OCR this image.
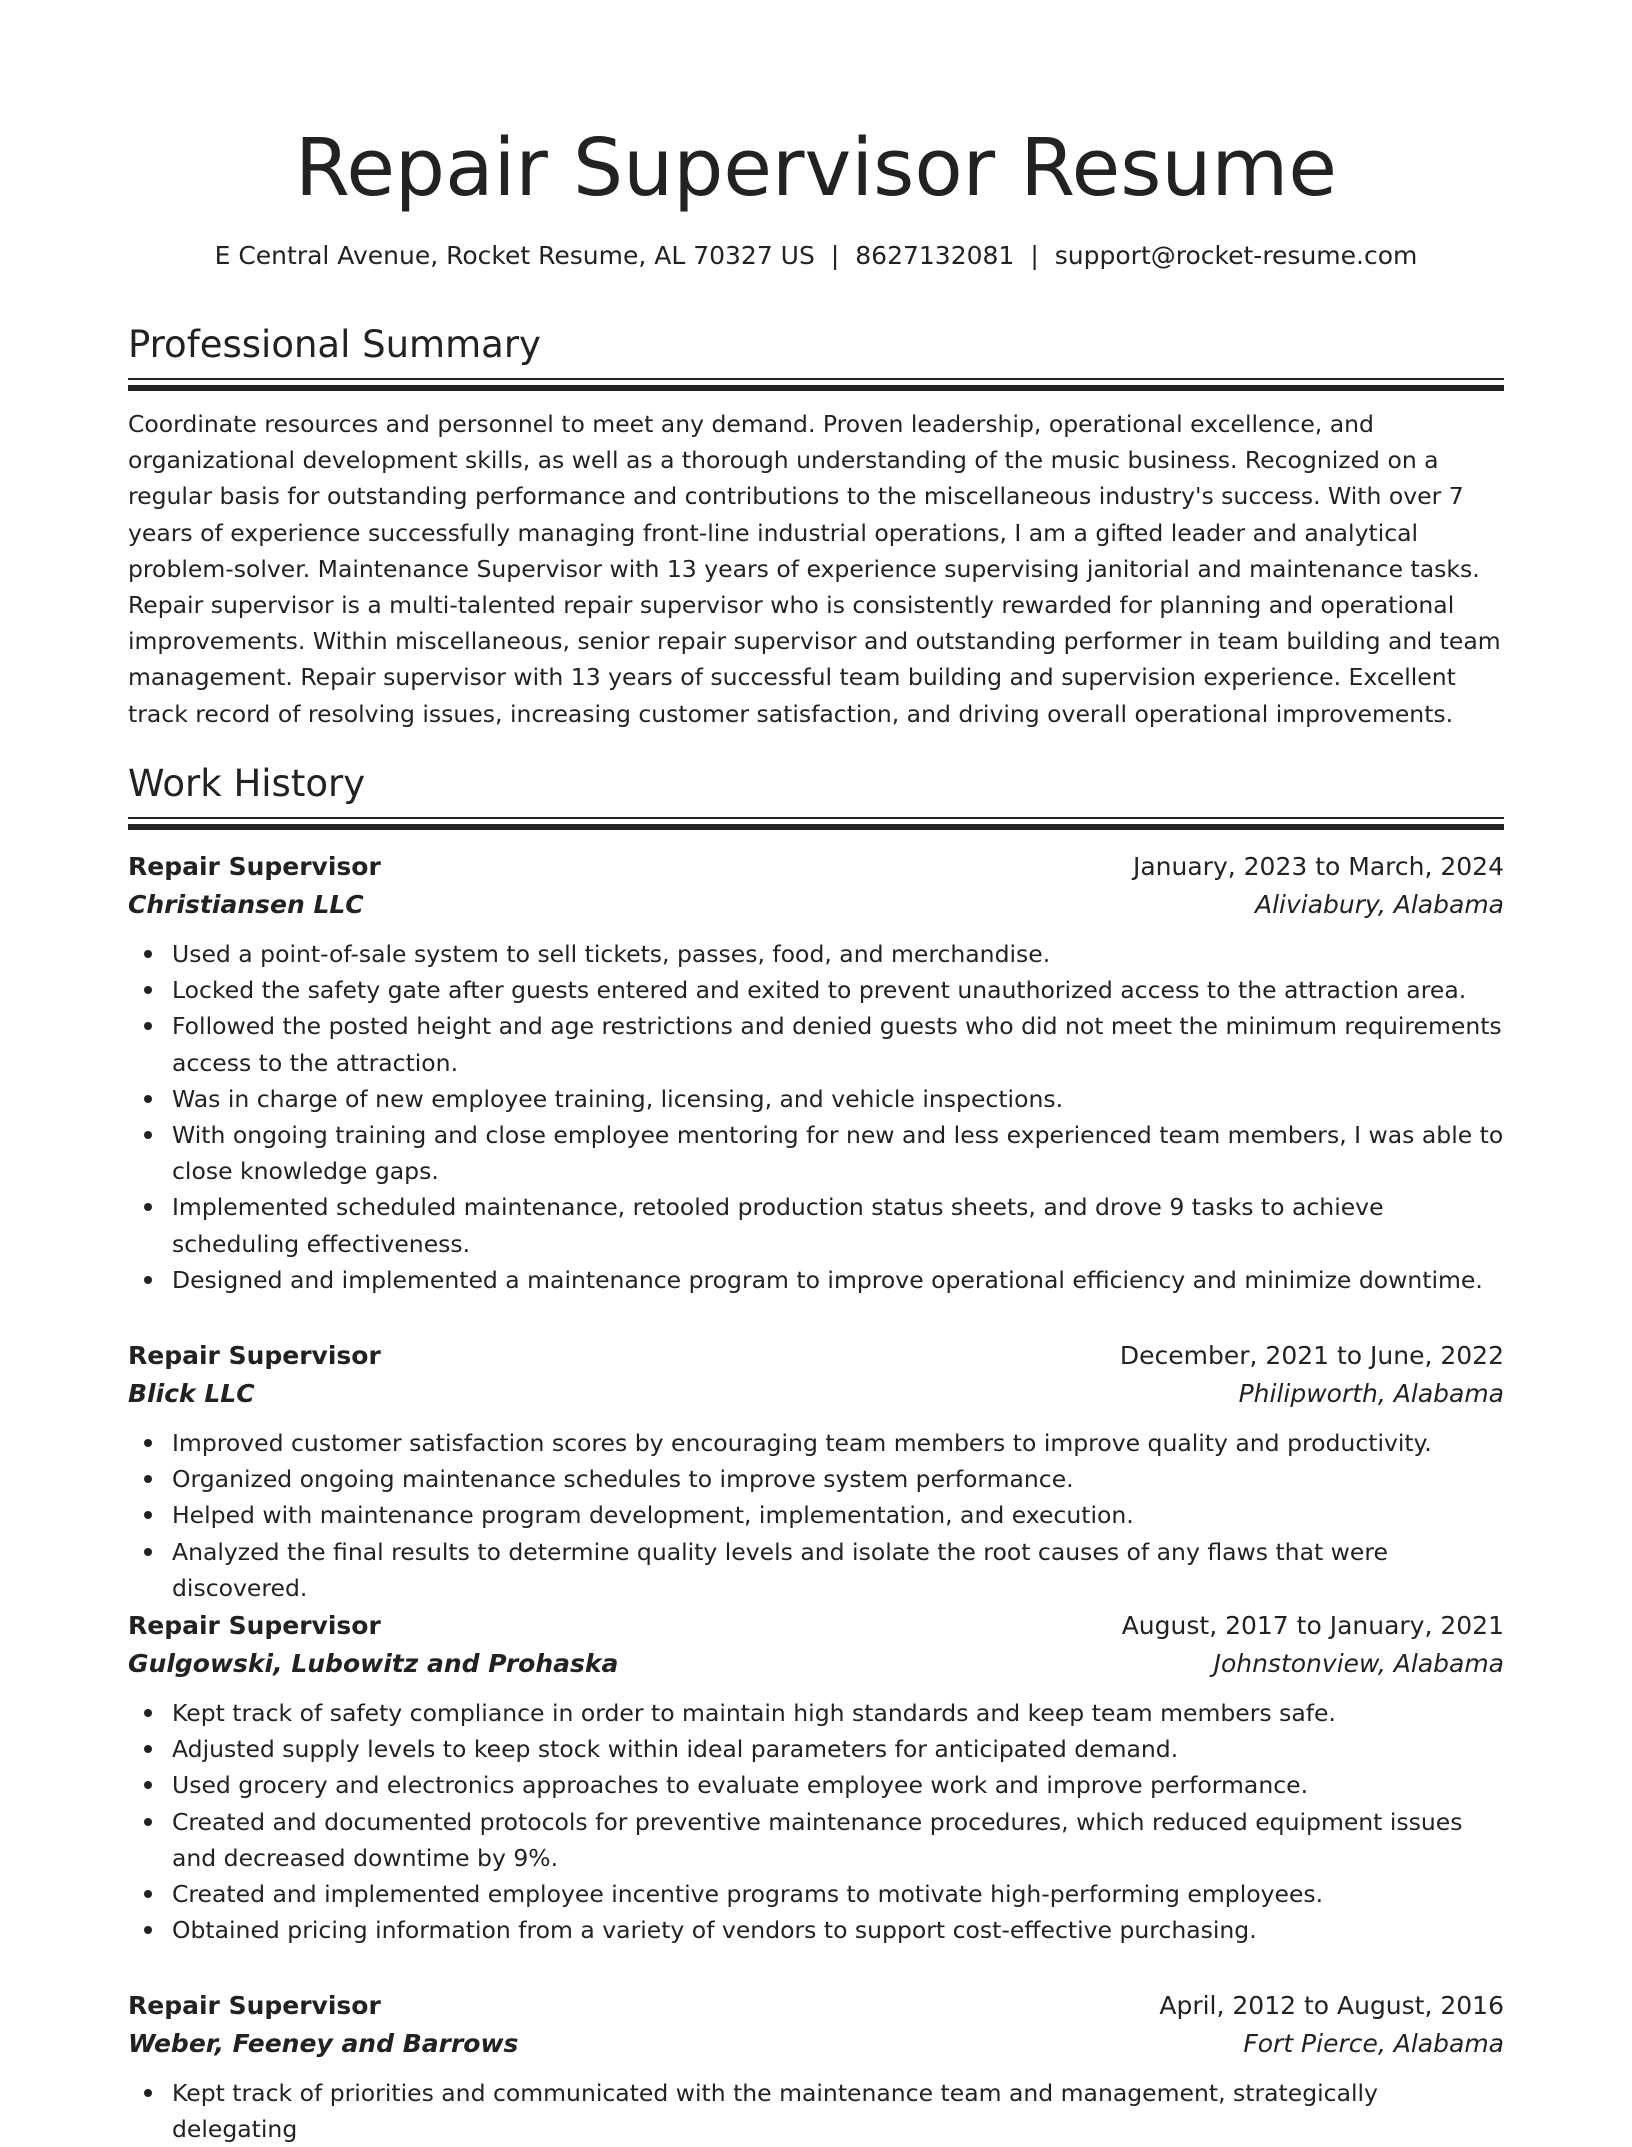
Repair Supervisor Resume
E Central Avenue, Rocket Resume, AL 70327 US | 8627132081 | support@rocket-resume.com
Professional Summary

Coordinate resources and personnel to meet any demand. Proven leadership, operational excellence, and organizational development skills, as well as a thorough understanding of the music business. Recognized on a regular basis for outstanding performance and contributions to the miscellaneous industry's success. With over 7 years of experience successfully managing front-line industrial operations, I am a gifted leader and analytical problem-solver. Maintenance Supervisor with 13 years of experience supervising janitorial and maintenance tasks. Repair supervisor is a multi-talented repair supervisor who is consistently rewarded for planning and operational improvements. Within miscellaneous, senior repair supervisor and outstanding performer in team building and team management. Repair supervisor with 13 years of successful team building and supervision experience. Excellent track record of resolving issues, increasing customer satisfaction, and driving overall operational improvements.

Work History
Repair Supervisor	January, 2023 to March, 2024
Christiansen LLC	Aliviabury, Alabama
Used a point-of-sale system to sell tickets, passes, food, and merchandise.
Locked the safety gate after guests entered and exited to prevent unauthorized access to the attraction area.
Followed the posted height and age restrictions and denied guests who did not meet the minimum requirements access to the attraction.
Was in charge of new employee training, licensing, and vehicle inspections.
With ongoing training and close employee mentoring for new and less experienced team members, I was able to close knowledge gaps.
Implemented scheduled maintenance, retooled production status sheets, and drove 9 tasks to achieve scheduling effectiveness.
Designed and implemented a maintenance program to improve operational efficiency and minimize downtime.
Repair Supervisor	December, 2021 to June, 2022
Blick LLC	Philipworth, Alabama
Improved customer satisfaction scores by encouraging team members to improve quality and productivity.
Organized ongoing maintenance schedules to improve system performance.
Helped with maintenance program development, implementation, and execution.
Analyzed the final results to determine quality levels and isolate the root causes of any flaws that were discovered.
Repair Supervisor	August, 2017 to January, 2021
Gulgowski, Lubowitz and Prohaska	Johnstonview, Alabama
Kept track of safety compliance in order to maintain high standards and keep team members safe.
Adjusted supply levels to keep stock within ideal parameters for anticipated demand.
Used grocery and electronics approaches to evaluate employee work and improve performance.
Created and documented protocols for preventive maintenance procedures, which reduced equipment issues and decreased downtime by 9%.
Created and implemented employee incentive programs to motivate high-performing employees.
Obtained pricing information from a variety of vendors to support cost-effective purchasing.
Repair Supervisor	April, 2012 to August, 2016
Weber, Feeney and Barrows	Fort Pierce, Alabama
Kept track of priorities and communicated with the maintenance team and management, strategically delegating
